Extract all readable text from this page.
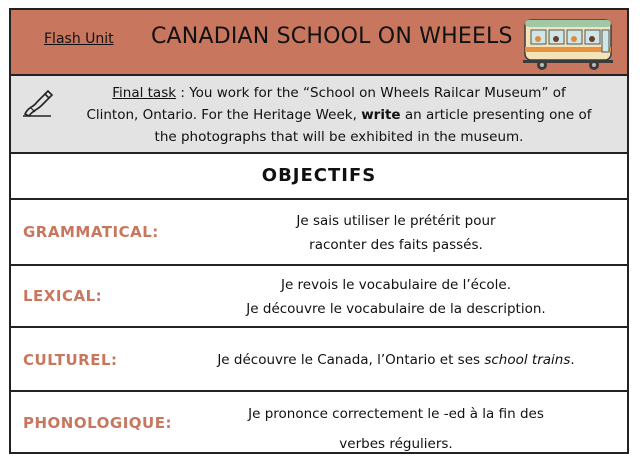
Flash Unit CANADIAN SCHOOL ON WHEELS
Final task : You work for the “School on Wheels Railcar Museum” of
Clinton, Ontario. For the Heritage Week, write an article presenting one of
the photographs that will be exhibited in the museum.
OBJECTIFS
GRAMMATICAL:
Je sais utiliser le prétérit pour
raconter des faits passés.
LEXICAL:
Je revois le vocabulaire de l’école.
Je découvre le vocabulaire de la description.
CULTUREL:	Je découvre le Canada, l’Ontario et ses school trains.
PHONOLOGIQUE:	Je prononce correctement le -ed à la fin des
verbes réguliers.
